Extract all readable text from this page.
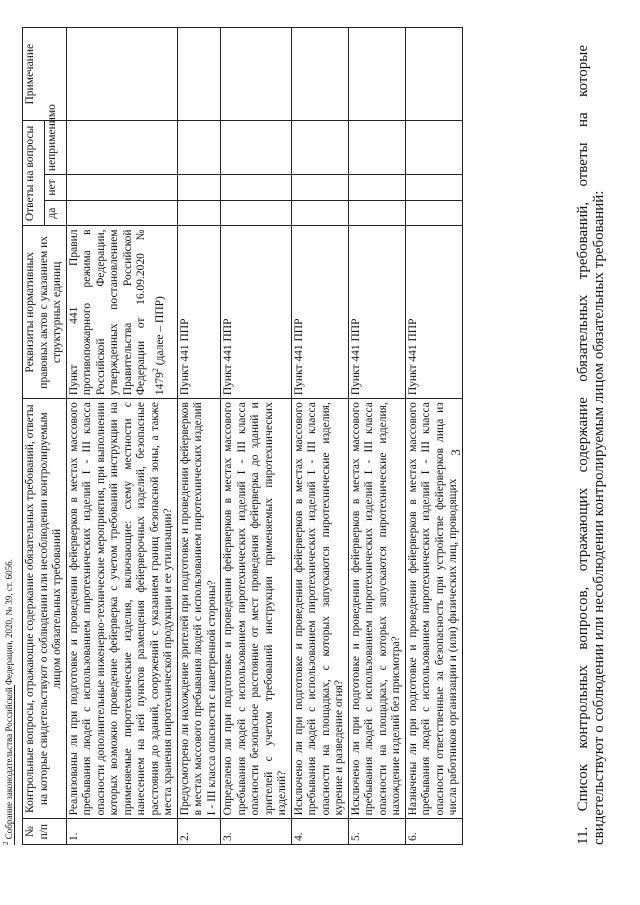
3	11. Список контрольных вопросов, отражающих содержание обязательных требований, ответы на которые свидетельствуют о соблюдении или несоблюдении контролируемым лицом обязательных требований:
№ п/п	Контрольные вопросы, отражающие содержание обязательных требований, ответы на которые свидетельствуют о соблюдении или несоблюдении контролируемым лицом обязательных требований	Реквизиты нормативных правовых актов с указанием их структурных единиц	Ответы на вопросы			Примечание
			да	нет	неприменимо	
1.	Реализованы ли при подготовке и проведении фейерверков в местах массового пребывания людей с использованием пиротехнических изделий I - III класса опасности дополнительные инженерно-технические мероприятия, при выполнении которых возможно проведение фейерверка с учетом требований инструкции на применяемые пиротехнические изделия, включающие: схему местности с нанесением на ней пунктов размещения фейерверочных изделий, безопасные расстояния до зданий, сооружений с указанием границ безопасной зоны, а также места хранения пиротехнической продукции и ее утилизации?	Пункт 441 Правил противопожарного режима в Российской Федерации, утвержденных постановлением Правительства Российской Федерации от 16.09.2020 № 1479$^2$ (далее – ППР)				
2.	Предусмотрено ли нахождение зрителей при подготовке и проведении фейерверков в местах массового пребывания людей с использованием пиротехнических изделий I - III класса опасности с наветренной стороны?	Пункт 441 ППР				
3.	Определено ли при подготовке и проведении фейерверков в местах массового пребывания людей с использованием пиротехнических изделий I - III класса опасности безопасное расстояние от мест проведения фейерверка до зданий и зрителей с учетом требований инструкции применяемых пиротехнических изделий?	Пункт 441 ППР				
4.	Исключено ли при подготовке и проведении фейерверков в местах массового пребывания людей с использованием пиротехнических изделий I - III класса опасности на площадках, с которых запускаются пиротехнические изделия, курение и разведение огня?	Пункт 441 ППР				
5.	Исключено ли при подготовке и проведении фейерверков в местах массового пребывания людей с использованием пиротехнических изделий I - III класса опасности на площадках, с которых запускаются пиротехнические изделия, нахождение изделий без присмотра?	Пункт 441 ППР				
6.	Назначены ли при подготовке и проведении фейерверков в местах массового пребывания людей с использованием пиротехнических изделий I - III класса опасности ответственные за безопасность при устройстве фейерверков лица из числа работников организации и (или) физических лиц, проводящих	Пункт 441 ППР				
$^2$ Собрание законодательства Российской Федерации, 2020, № 39, ст. 6056.
